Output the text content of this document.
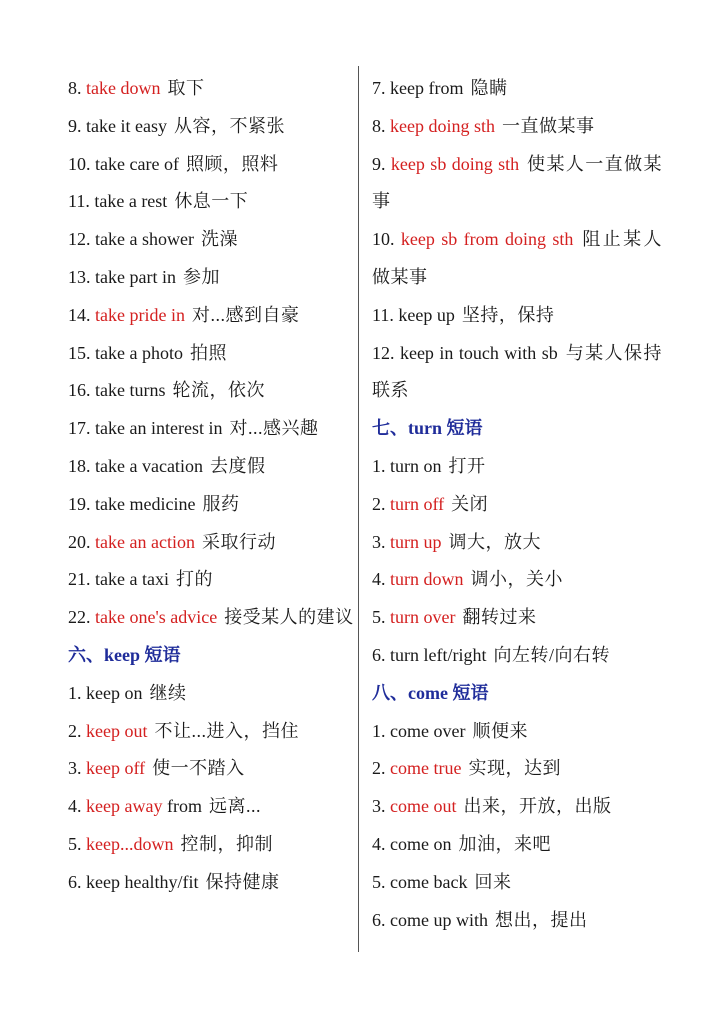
8. take down 取下
9. take it easy 从容，不紧张
10. take care of 照顾，照料
11. take a rest 休息一下
12. take a shower 洗澡
13. take part in 参加
14. take pride in 对...感到自豪
15. take a photo 拍照
16. take turns 轮流，依次
17. take an interest in 对...感兴趣
18. take a vacation 去度假
19. take medicine 服药
20. take an action 采取行动
21. take a taxi 打的
22. take one's advice 接受某人的建议
六、keep 短语
1. keep on 继续
2. keep out 不让...进入，挡住
3. keep off 使一不踏入
4. keep away from 远离...
5. keep...down 控制，抑制
6. keep healthy/fit 保持健康
7. keep from 隐瞒
8. keep doing sth 一直做某事
9. keep sb doing sth 使某人一直做某事
10. keep sb from doing sth 阻止某人做某事
11. keep up 坚持，保持
12. keep in touch with sb 与某人保持联系
七、turn 短语
1. turn on 打开
2. turn off 关闭
3. turn up 调大，放大
4. turn down 调小，关小
5. turn over 翻转过来
6. turn left/right 向左转/向右转
八、come 短语
1. come over 顺便来
2. come true 实现，达到
3. come out 出来，开放，出版
4. come on 加油，来吧
5. come back 回来
6. come up with 想出，提出
